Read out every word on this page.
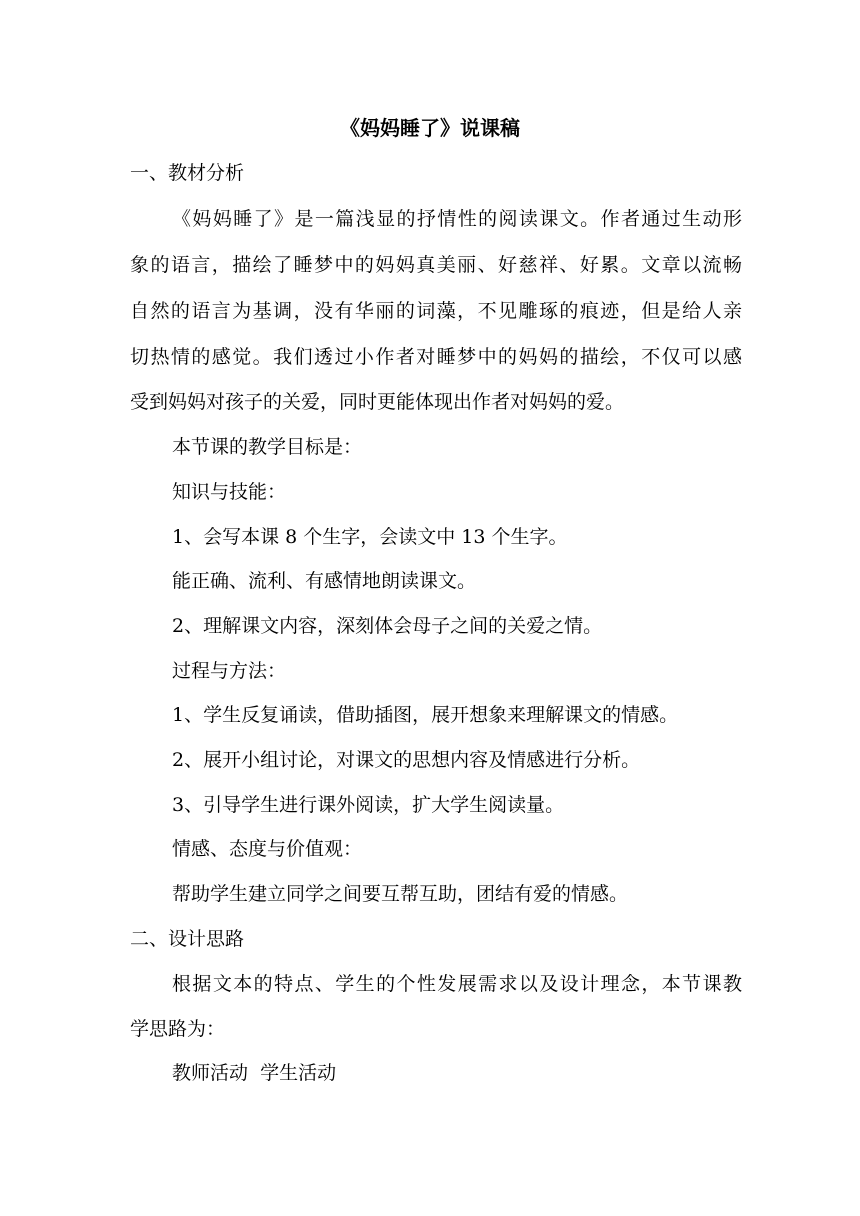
《妈妈睡了》说课稿
一、教材分析
《妈妈睡了》是一篇浅显的抒情性的阅读课文。作者通过生动形
象的语言，描绘了睡梦中的妈妈真美丽、好慈祥、好累。文章以流畅
自然的语言为基调，没有华丽的词藻，不见雕琢的痕迹，但是给人亲
切热情的感觉。我们透过小作者对睡梦中的妈妈的描绘，不仅可以感
受到妈妈对孩子的关爱，同时更能体现出作者对妈妈的爱。
本节课的教学目标是：
知识与技能：
1、会写本课 8 个生字，会读文中 13 个生字。
能正确、流利、有感情地朗读课文。
2、理解课文内容，深刻体会母子之间的关爱之情。
过程与方法：
1、学生反复诵读，借助插图，展开想象来理解课文的情感。
2、展开小组讨论，对课文的思想内容及情感进行分析。
3、引导学生进行课外阅读，扩大学生阅读量。
情感、态度与价值观：
帮助学生建立同学之间要互帮互助，团结有爱的情感。
二、设计思路
根据文本的特点、学生的个性发展需求以及设计理念，本节课教
学思路为：
教师活动  学生活动
